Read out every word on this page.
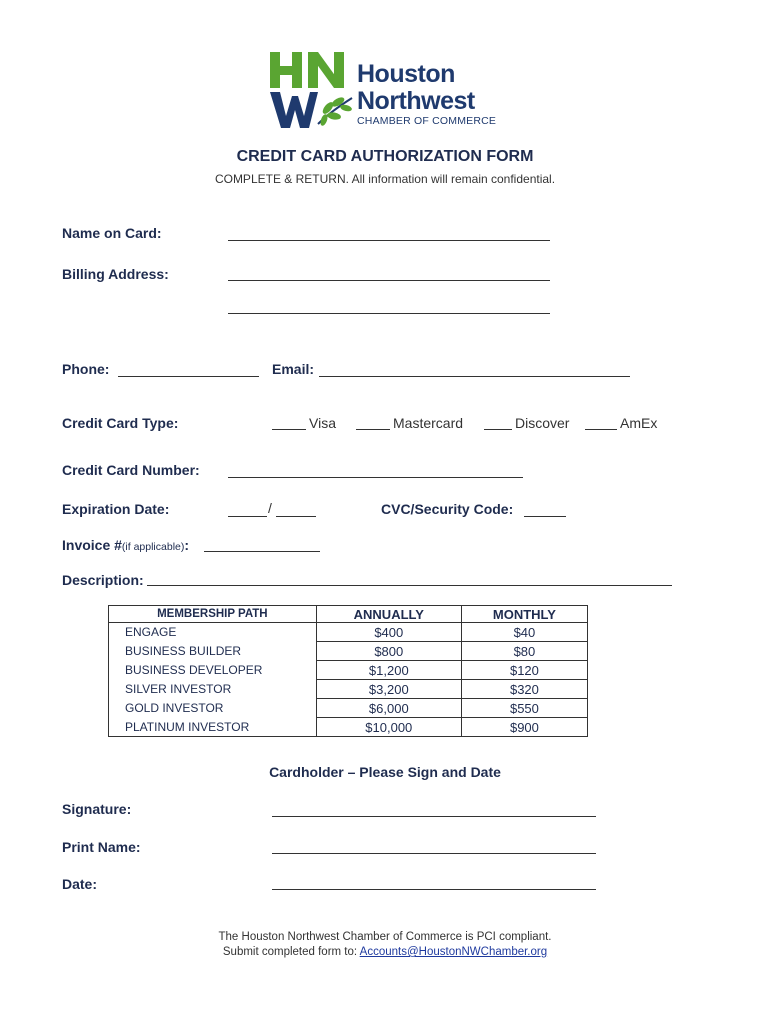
Houston
Northwest
CHAMBER OF COMMERCE
CREDIT CARD AUTHORIZATION FORM
COMPLETE & RETURN. All information will remain confidential.
Name on Card:
Billing Address:
Phone:	Email:
Credit Card Type:	Visa	Mastercard	Discover	AmEx
Credit Card Number:
Expiration Date:	/	CVC/Security Code:
Invoice #(if applicable):
Description:
MEMBERSHIP PATH	ANNUALLY	MONTHLY
ENGAGE	$400	$40
BUSINESS BUILDER	$800	$80
BUSINESS DEVELOPER	$1,200	$120
SILVER INVESTOR	$3,200	$320
GOLD INVESTOR	$6,000	$550
PLATINUM INVESTOR	$10,000	$900
Cardholder – Please Sign and Date
Signature:
Print Name:
Date:
The Houston Northwest Chamber of Commerce is PCI compliant.
Submit completed form to: Accounts@HoustonNWChamber.org
